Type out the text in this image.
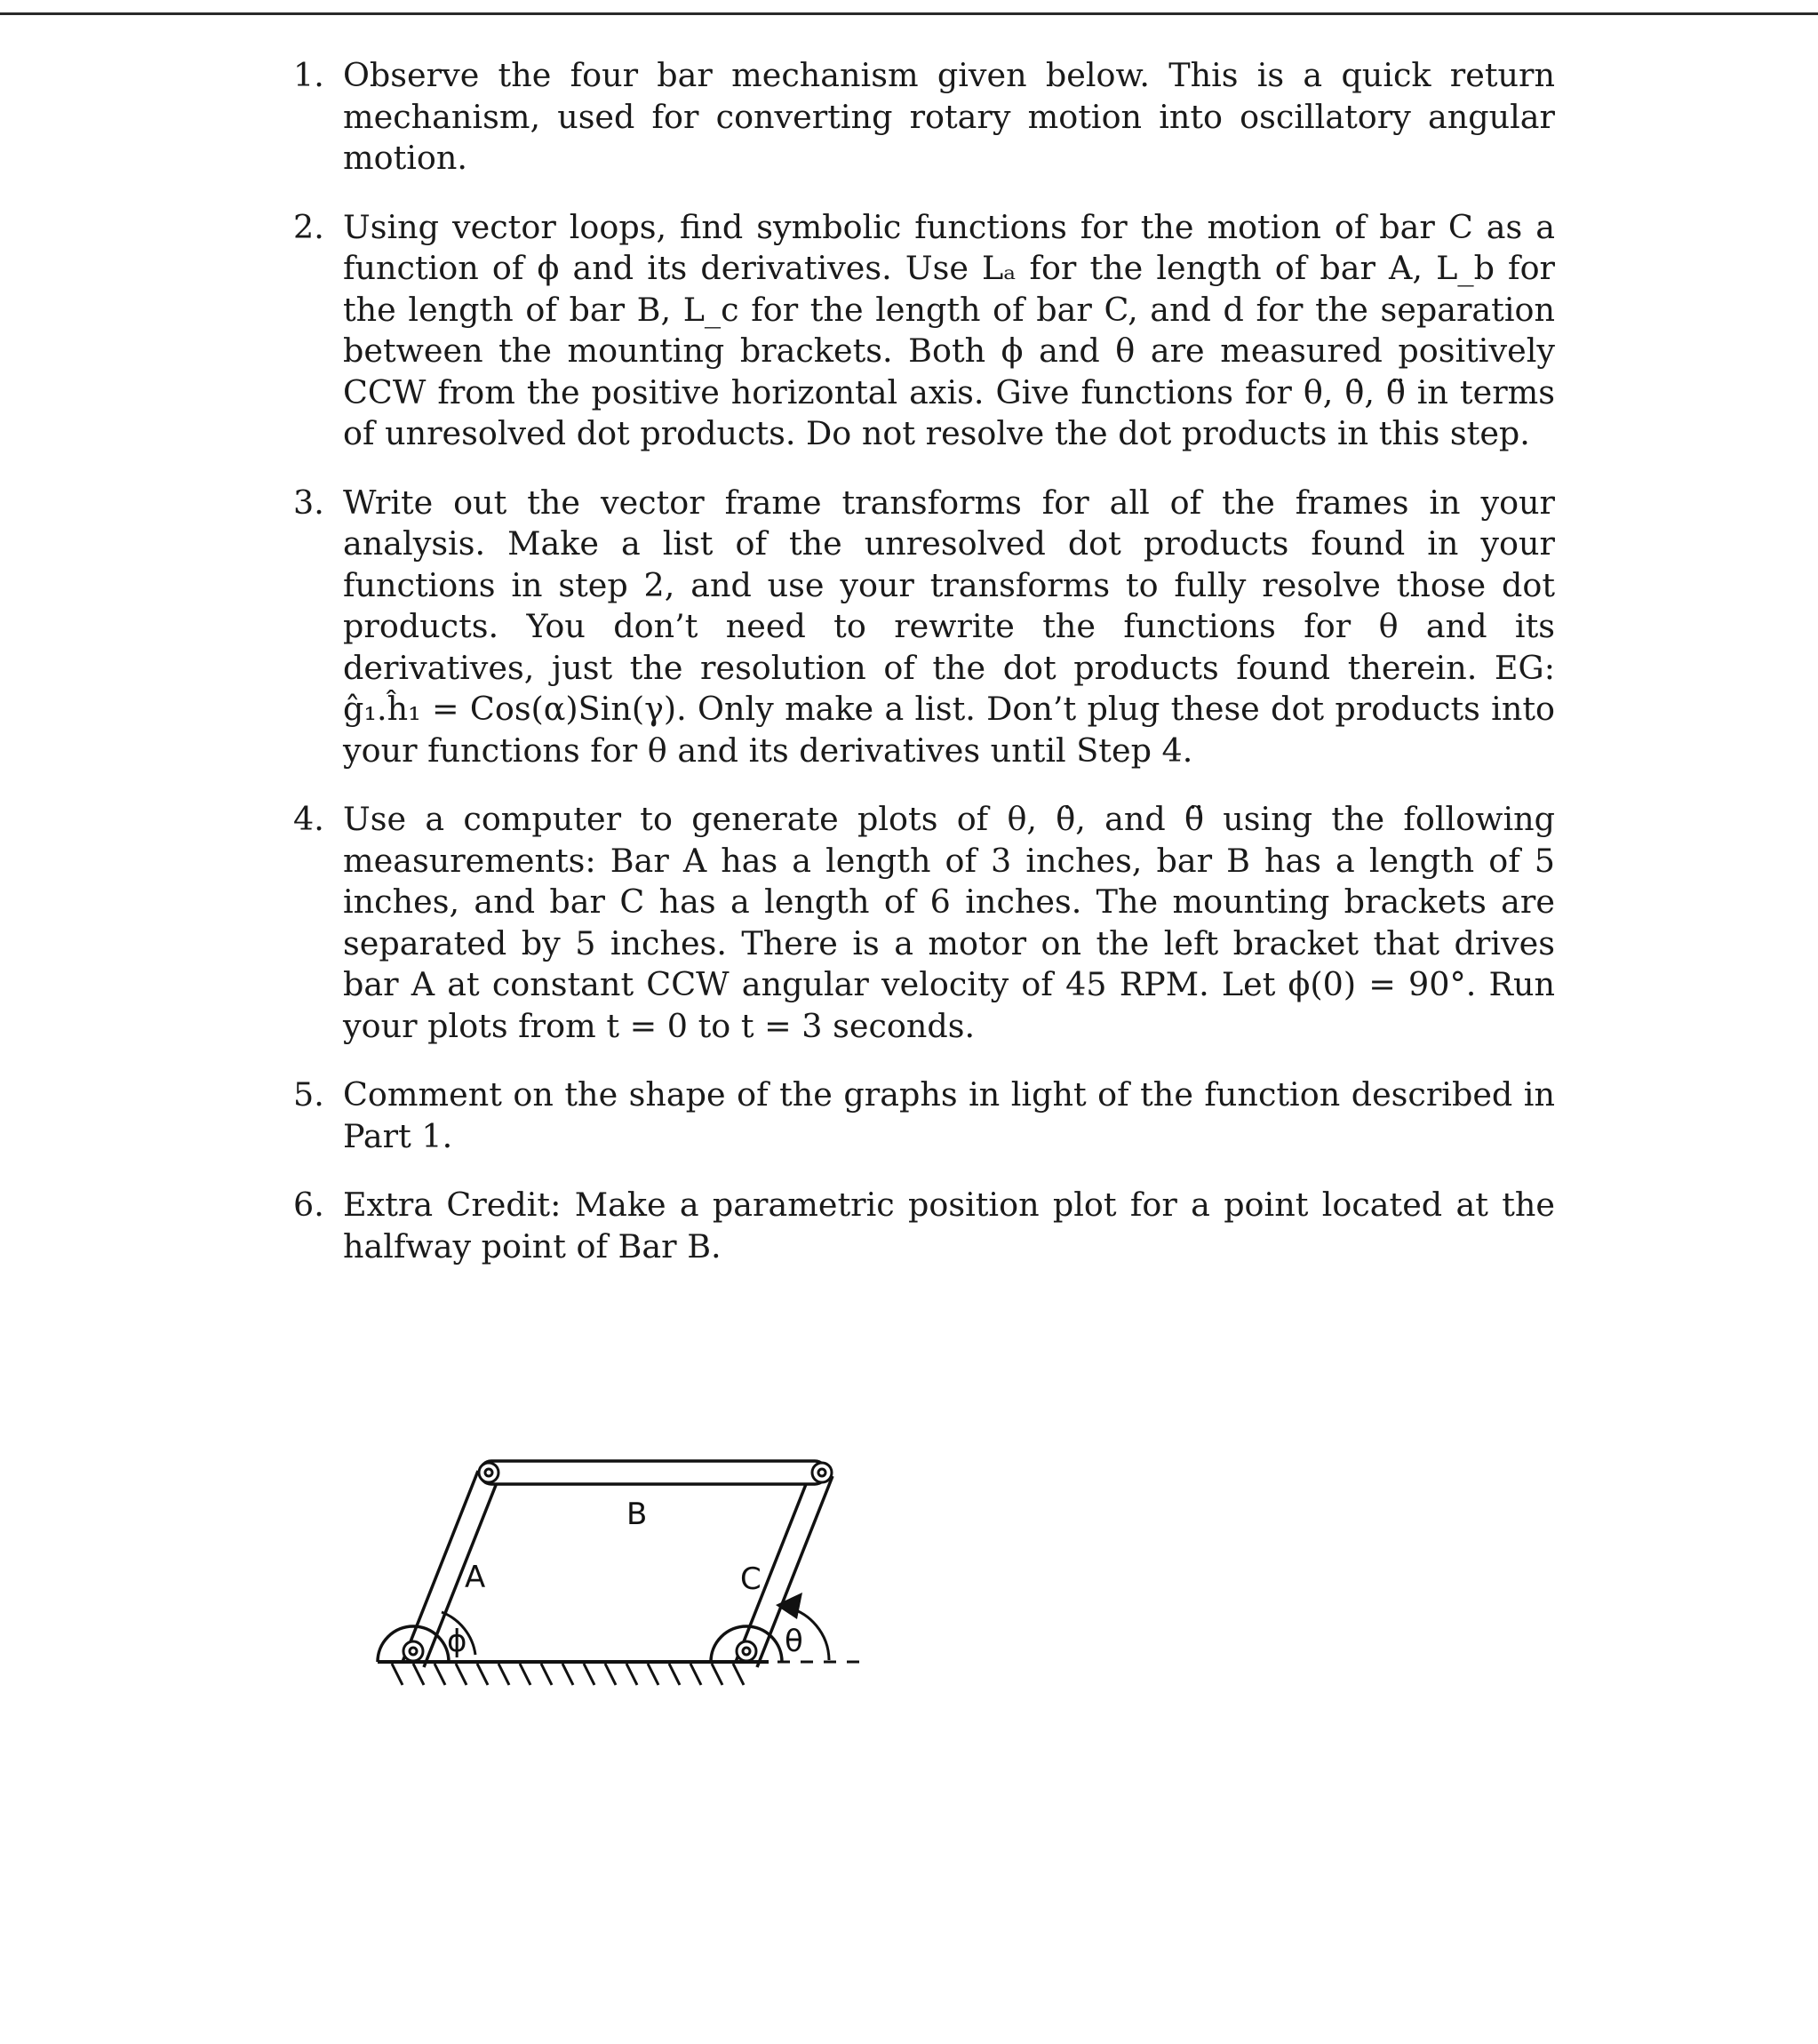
1. Observe the four bar mechanism given below. This is a quick return mechanism, used for converting rotary motion into oscillatory angular motion.
2. Using vector loops, find symbolic functions for the motion of bar C as a function of ϕ and its derivatives. Use Lₐ for the length of bar A, L_b for the length of bar B, L_c for the length of bar C, and d for the separation between the mounting brackets. Both ϕ and θ are measured positively CCW from the positive horizontal axis. Give functions for θ, θ̇, θ̈ in terms of unresolved dot products. Do not resolve the dot products in this step.
3. Write out the vector frame transforms for all of the frames in your analysis. Make a list of the unresolved dot products found in your functions in step 2, and use your transforms to fully resolve those dot products. You don’t need to rewrite the functions for θ and its derivatives, just the resolution of the dot products found therein. EG: ĝ₁.ĥ₁ = Cos(α)Sin(γ). Only make a list. Don’t plug these dot products into your functions for θ and its derivatives until Step 4.
4. Use a computer to generate plots of θ, θ̇, and θ̈ using the following measurements: Bar A has a length of 3 inches, bar B has a length of 5 inches, and bar C has a length of 6 inches. The mounting brackets are separated by 5 inches. There is a motor on the left bracket that drives bar A at constant CCW angular velocity of 45 RPM. Let ϕ(0) = 90°. Run your plots from t = 0 to t = 3 seconds.
5. Comment on the shape of the graphs in light of the function described in Part 1.
6. Extra Credit: Make a parametric position plot for a point located at the halfway point of Bar B.
B
A	C
ϕ	θ
